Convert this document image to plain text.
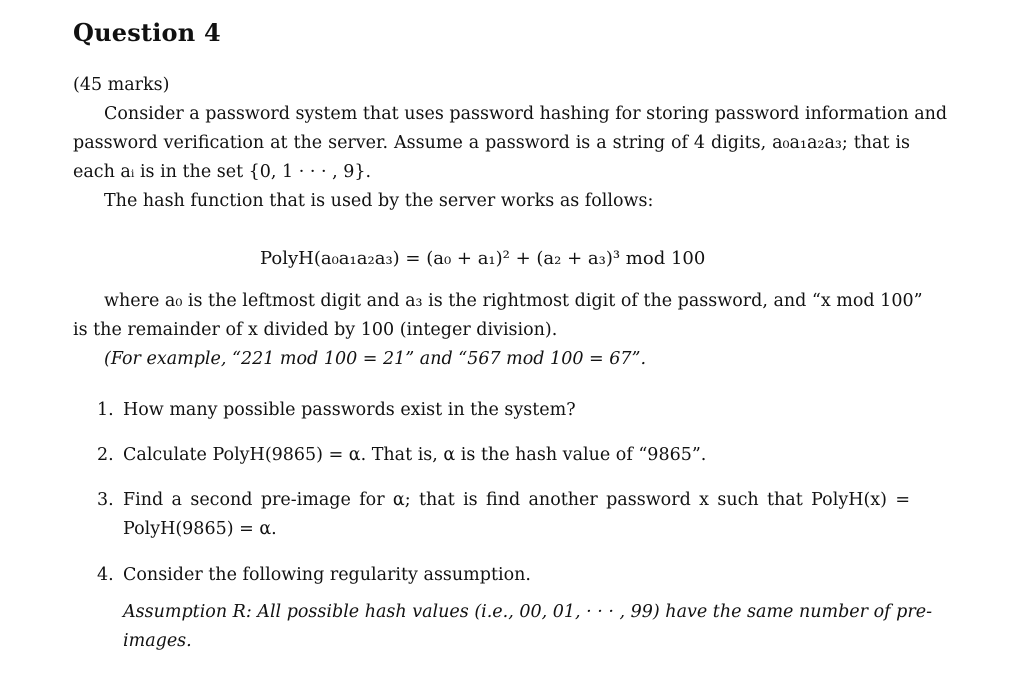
Question 4
(45 marks)
Consider a password system that uses password hashing for storing password information and
password verification at the server. Assume a password is a string of 4 digits, a₀a₁a₂a₃; that is
each aᵢ is in the set {0, 1 · · · , 9}.
The hash function that is used by the server works as follows:
PolyH(a₀a₁a₂a₃) = (a₀ + a₁)² + (a₂ + a₃)³ mod 100
where a₀ is the leftmost digit and a₃ is the rightmost digit of the password, and “x mod 100”
is the remainder of x divided by 100 (integer division).
(For example, “221 mod 100 = 21” and “567 mod 100 = 67”.
1. How many possible passwords exist in the system?
2. Calculate PolyH(9865) = α. That is, α is the hash value of “9865”.
3. Find a second pre-image for α; that is find another password x such that PolyH(x) =
PolyH(9865) = α.
4. Consider the following regularity assumption.
Assumption R: All possible hash values (i.e., 00, 01, · · · , 99) have the same number of pre-
images.
